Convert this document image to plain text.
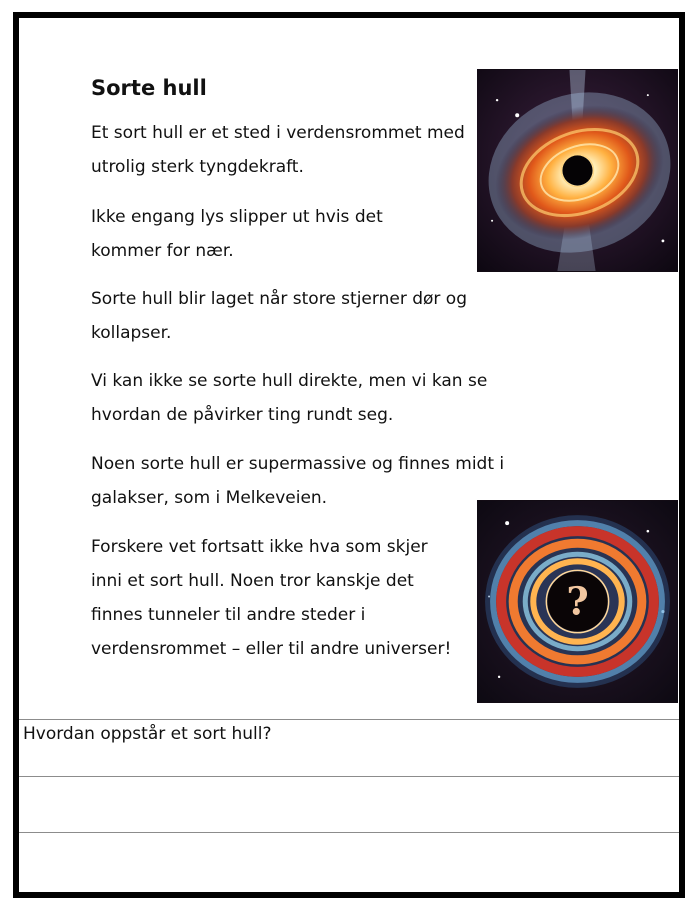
Sorte hull

Et sort hull er et sted i verdensrommet med utrolig sterk tyngdekraft.

Ikke engang lys slipper ut hvis det kommer for nær.

Sorte hull blir laget når store stjerner dør og kollapser.

Vi kan ikke se sorte hull direkte, men vi kan se hvordan de påvirker ting rundt seg.

Noen sorte hull er supermassive og finnes midt i galakser, som i Melkeveien.

Forskere vet fortsatt ikke hva som skjer inni et sort hull. Noen tror kanskje det finnes tunneler til andre steder i verdensrommet – eller til andre universer!

?

Hvordan oppstår et sort hull?
